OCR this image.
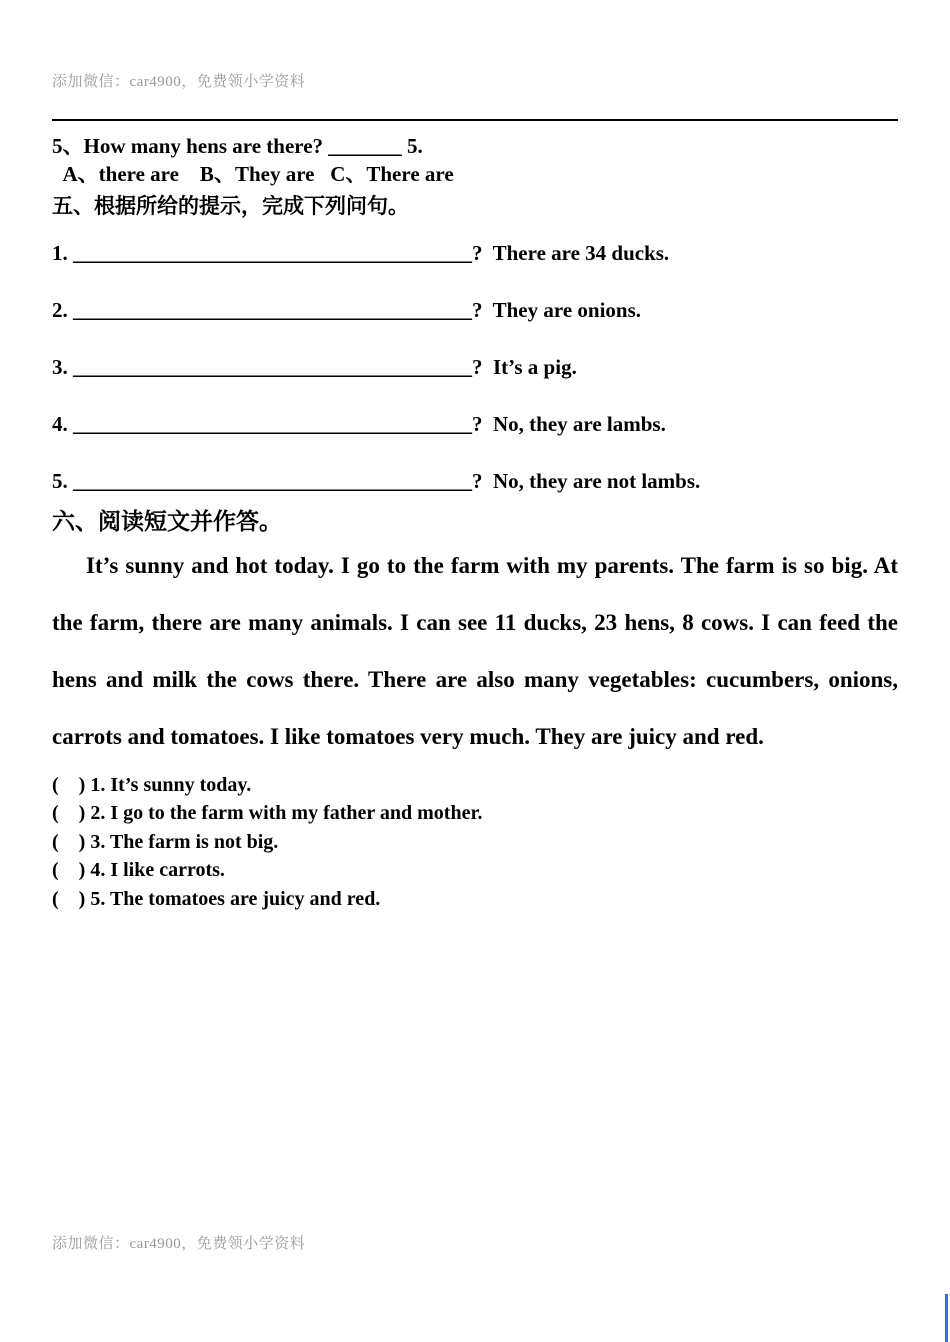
添加微信：car4900，免费领小学资料
5、How many hens are there? _______ 5.
A、there are    B、They are   C、There are
五、根据所给的提示，完成下列问句。
1. ______________________________________?  There are 34 ducks.
2. ______________________________________?  They are onions.
3. ______________________________________?  It’s a pig.
4. ______________________________________?  No, they are lambs.
5. ______________________________________?  No, they are not lambs.
六、阅读短文并作答。
It’s sunny and hot today. I go to the farm with my parents. The farm is so big. At the farm, there are many animals. I can see 11 ducks, 23 hens, 8 cows. I can feed the hens and milk the cows there. There are also many vegetables: cucumbers, onions, carrots and tomatoes. I like tomatoes very much. They are juicy and red.
(    ) 1. It’s sunny today.
(    ) 2. I go to the farm with my father and mother.
(    ) 3. The farm is not big.
(    ) 4. I like carrots.
(    ) 5. The tomatoes are juicy and red.
添加微信：car4900，免费领小学资料
